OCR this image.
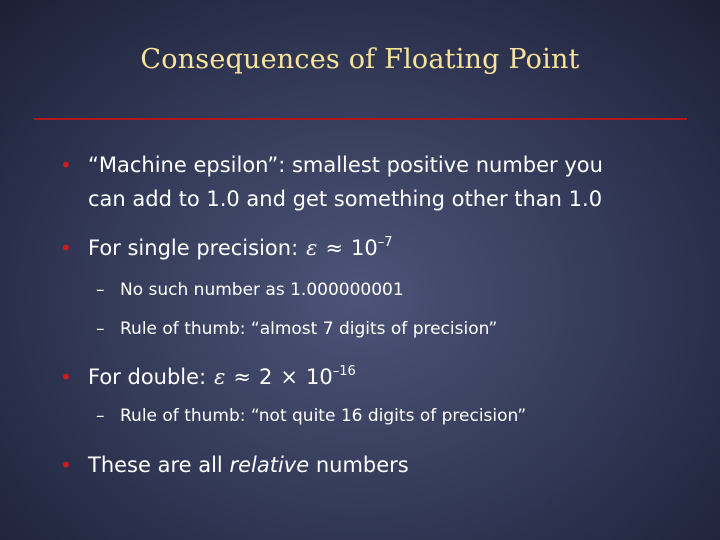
Consequences of Floating Point
• “Machine epsilon”: smallest positive number you
can add to 1.0 and get something other than 1.0
• For single precision: $\varepsilon \approx 10^{-7}$
– No such number as 1.000000001
– Rule of thumb: “almost 7 digits of precision”
• For double: $\varepsilon \approx 2 \times 10^{-16}$
– Rule of thumb: “not quite 16 digits of precision”
• These are all relative numbers
